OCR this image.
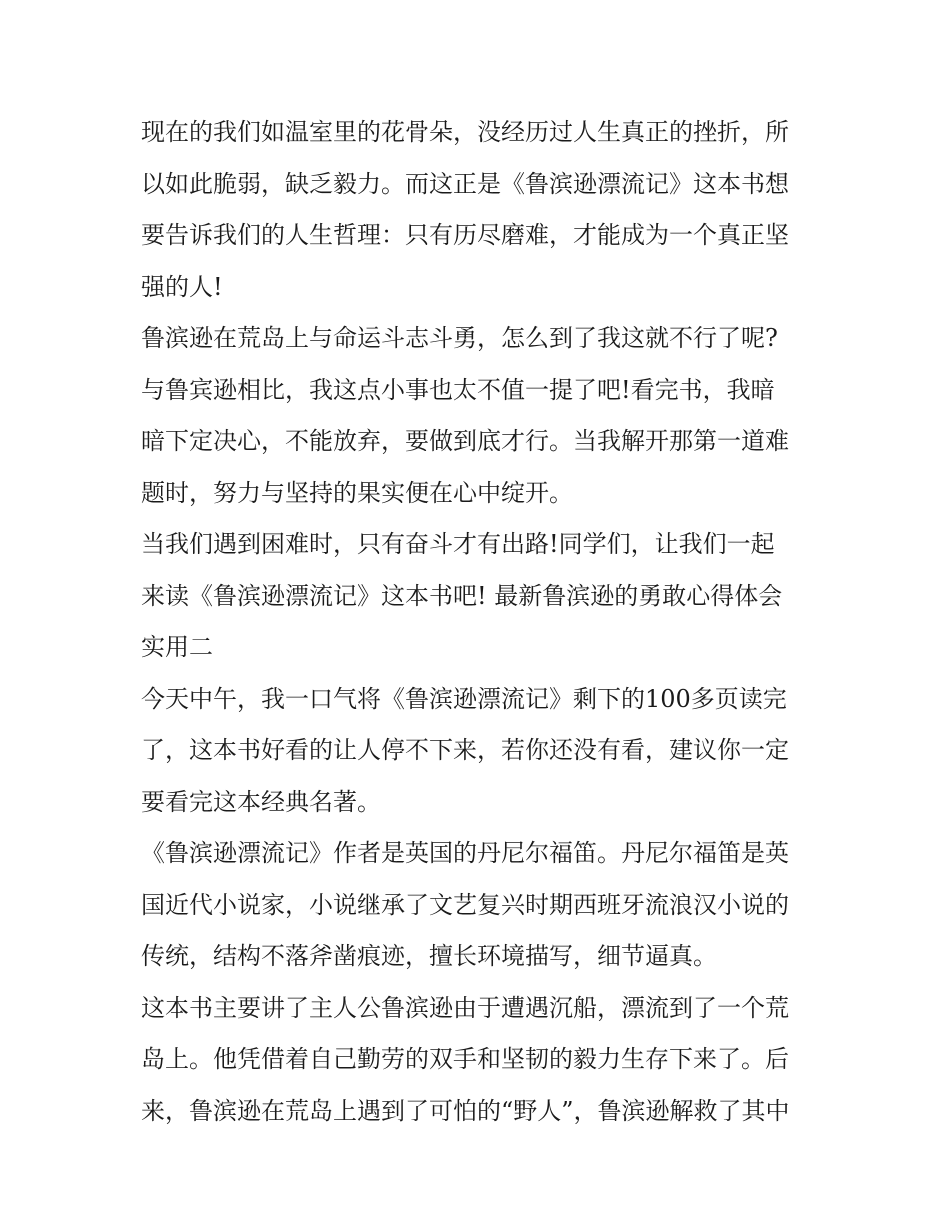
现在的我们如温室里的花骨朵，没经历过人生真正的挫折，所
以如此脆弱，缺乏毅力。而这正是《鲁滨逊漂流记》这本书想
要告诉我们的人生哲理：只有历尽磨难，才能成为一个真正坚
强的人!
鲁滨逊在荒岛上与命运斗志斗勇，怎么到了我这就不行了呢?
与鲁宾逊相比，我这点小事也太不值一提了吧!看完书，我暗
暗下定决心，不能放弃，要做到底才行。当我解开那第一道难
题时，努力与坚持的果实便在心中绽开。
当我们遇到困难时，只有奋斗才有出路!同学们，让我们一起
来读《鲁滨逊漂流记》这本书吧! 最新鲁滨逊的勇敢心得体会
实用二
今天中午，我一口气将《鲁滨逊漂流记》剩下的100多页读完
了，这本书好看的让人停不下来，若你还没有看，建议你一定
要看完这本经典名著。
《鲁滨逊漂流记》作者是英国的丹尼尔福笛。丹尼尔福笛是英
国近代小说家，小说继承了文艺复兴时期西班牙流浪汉小说的
传统，结构不落斧凿痕迹，擅长环境描写，细节逼真。
这本书主要讲了主人公鲁滨逊由于遭遇沉船，漂流到了一个荒
岛上。他凭借着自己勤劳的双手和坚韧的毅力生存下来了。后
来，鲁滨逊在荒岛上遇到了可怕的“野人”，鲁滨逊解救了其中
